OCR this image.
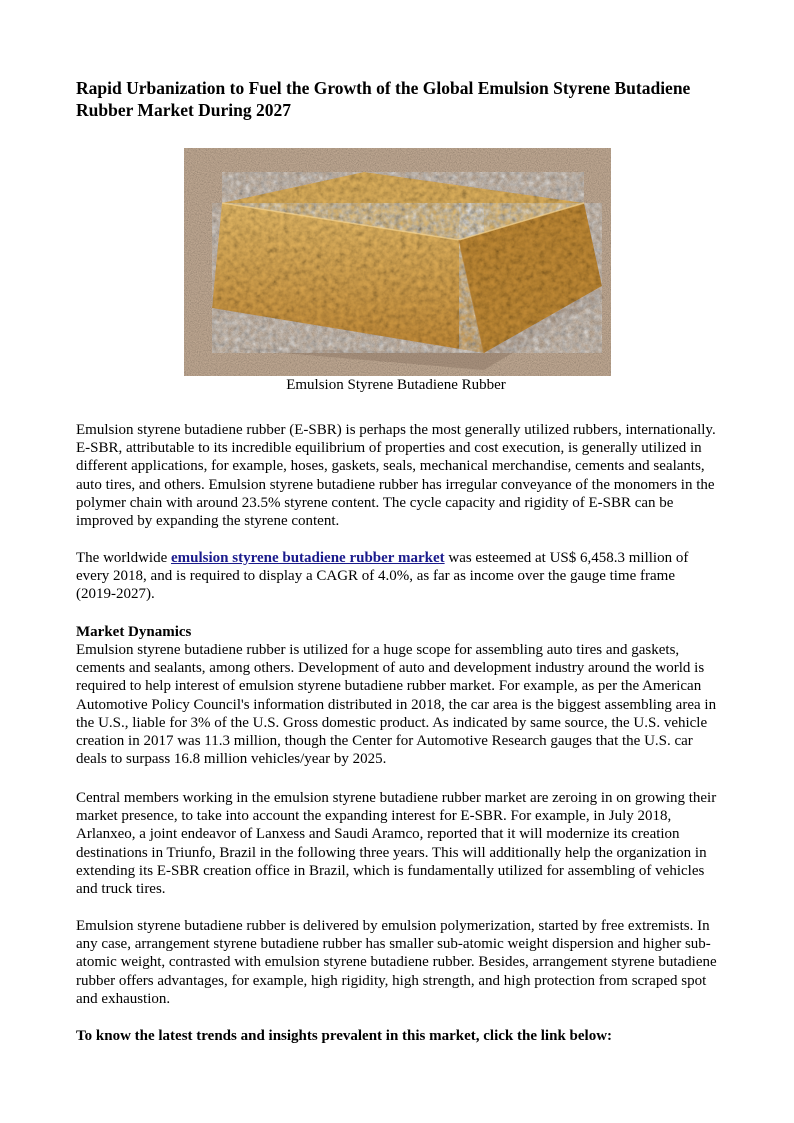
Rapid Urbanization to Fuel the Growth of the Global Emulsion Styrene Butadiene Rubber Market During 2027
Emulsion Styrene Butadiene Rubber

Emulsion styrene butadiene rubber (E-SBR) is perhaps the most generally utilized rubbers, internationally. E-SBR, attributable to its incredible equilibrium of properties and cost execution, is generally utilized in different applications, for example, hoses, gaskets, seals, mechanical merchandise, cements and sealants, auto tires, and others. Emulsion styrene butadiene rubber has irregular conveyance of the monomers in the polymer chain with around 23.5% styrene content. The cycle capacity and rigidity of E-SBR can be improved by expanding the styrene content.

The worldwide emulsion styrene butadiene rubber market was esteemed at US$ 6,458.3 million of every 2018, and is required to display a CAGR of 4.0%, as far as income over the gauge time frame (2019-2027).

Market Dynamics

Emulsion styrene butadiene rubber is utilized for a huge scope for assembling auto tires and gaskets, cements and sealants, among others. Development of auto and development industry around the world is required to help interest of emulsion styrene butadiene rubber market. For example, as per the American Automotive Policy Council's information distributed in 2018, the car area is the biggest assembling area in the U.S., liable for 3% of the U.S. Gross domestic product. As indicated by same source, the U.S. vehicle creation in 2017 was 11.3 million, though the Center for Automotive Research gauges that the U.S. car deals to surpass 16.8 million vehicles/year by 2025.

Central members working in the emulsion styrene butadiene rubber market are zeroing in on growing their market presence, to take into account the expanding interest for E-SBR. For example, in July 2018, Arlanxeo, a joint endeavor of Lanxess and Saudi Aramco, reported that it will modernize its creation destinations in Triunfo, Brazil in the following three years. This will additionally help the organization in extending its E-SBR creation office in Brazil, which is fundamentally utilized for assembling of vehicles and truck tires.

Emulsion styrene butadiene rubber is delivered by emulsion polymerization, started by free extremists. In any case, arrangement styrene butadiene rubber has smaller sub-atomic weight dispersion and higher sub-atomic weight, contrasted with emulsion styrene butadiene rubber. Besides, arrangement styrene butadiene rubber offers advantages, for example, high rigidity, high strength, and high protection from scraped spot and exhaustion.

To know the latest trends and insights prevalent in this market, click the link below:
